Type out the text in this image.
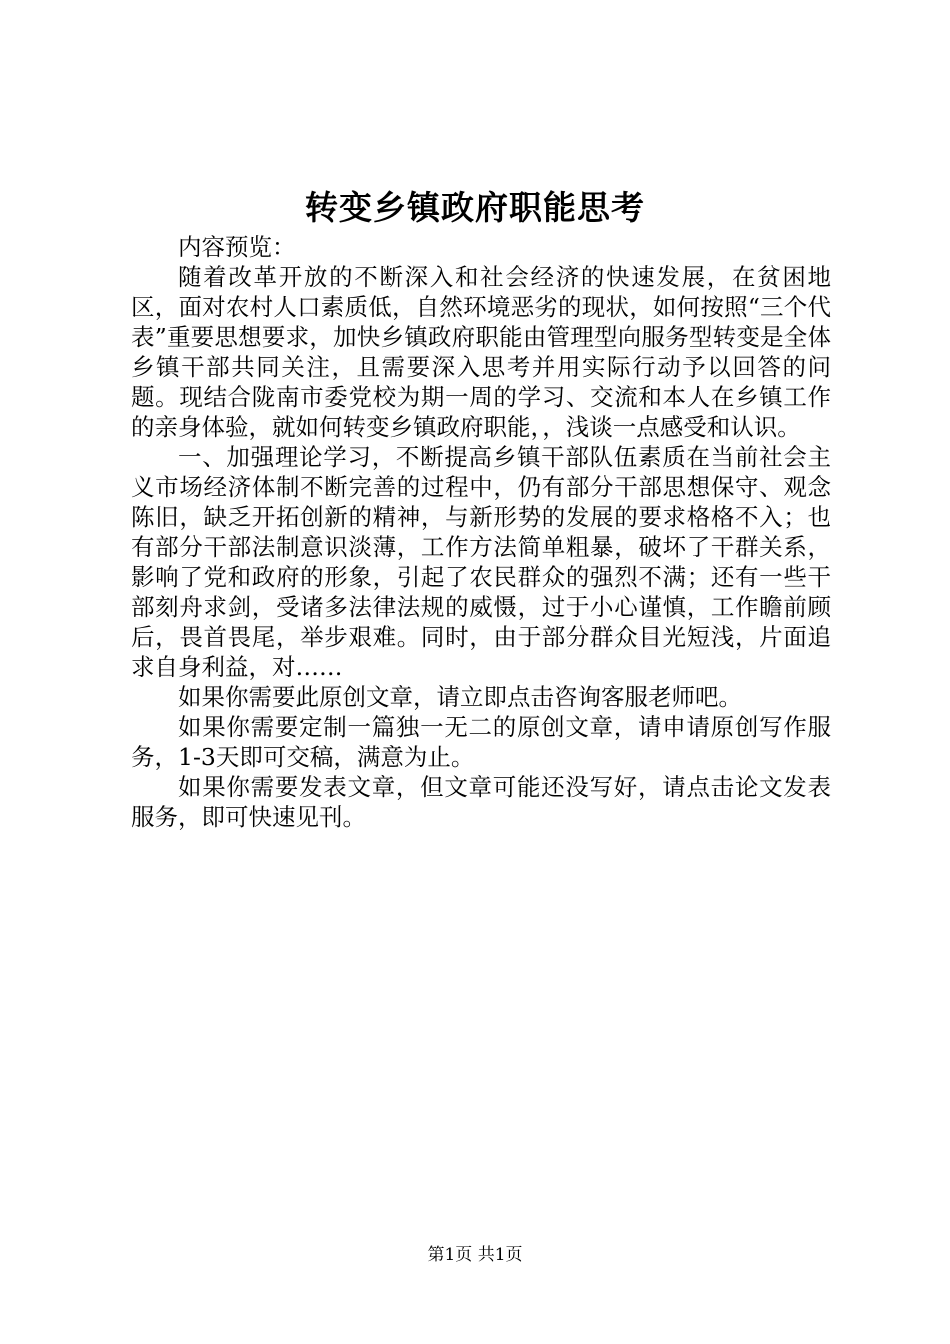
转变乡镇政府职能思考

内容预览：

随着改革开放的不断深入和社会经济的快速发展，在贫困地区，面对农村人口素质低，自然环境恶劣的现状，如何按照“三个代表”重要思想要求，加快乡镇政府职能由管理型向服务型转变是全体乡镇干部共同关注，且需要深入思考并用实际行动予以回答的问题。现结合陇南市委党校为期一周的学习、交流和本人在乡镇工作的亲身体验，就如何转变乡镇政府职能，，浅谈一点感受和认识。

一、加强理论学习，不断提高乡镇干部队伍素质在当前社会主义市场经济体制不断完善的过程中，仍有部分干部思想保守、观念陈旧，缺乏开拓创新的精神，与新形势的发展的要求格格不入；也有部分干部法制意识淡薄，工作方法简单粗暴，破坏了干群关系，影响了党和政府的形象，引起了农民群众的强烈不满；还有一些干部刻舟求剑，受诸多法律法规的威慑，过于小心谨慎，工作瞻前顾后，畏首畏尾，举步艰难。同时，由于部分群众目光短浅，片面追求自身利益，对……

如果你需要此原创文章，请立即点击咨询客服老师吧。

如果你需要定制一篇独一无二的原创文章，请申请原创写作服务，1-3天即可交稿，满意为止。

如果你需要发表文章，但文章可能还没写好，请点击论文发表服务，即可快速见刊。

第1页 共1页
